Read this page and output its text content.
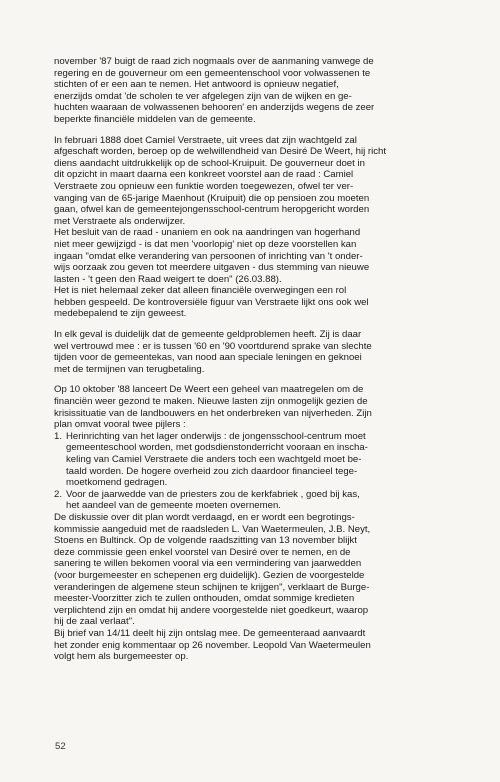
november '87 buigt de raad zich nogmaals over de aanmaning vanwege de
regering en de gouverneur om een gemeentenschool voor volwassenen te
stichten of er een aan te nemen. Het antwoord is opnieuw negatief,
enerzijds omdat 'de scholen te ver afgelegen zijn van de wijken en ge-
huchten waaraan de volwassenen behooren' en anderzijds wegens de zeer
beperkte financiële middelen van de gemeente.

In februari 1888 doet Camiel Verstraete, uit vrees dat zijn wachtgeld zal
afgeschaft worden, beroep op de welwillendheid van Desiré De Weert, hij richt
diens aandacht uitdrukkelijk op de school-Kruipuit. De gouverneur doet in
dit opzicht in maart daarna een konkreet voorstel aan de raad : Camiel
Verstraete zou opnieuw een funktie worden toegewezen, ofwel ter ver-
vanging van de 65-jarige Maenhout (Kruipuit) die op pensioen zou moeten
gaan, ofwel kan de gemeentejongensschool-centrum heropgericht worden
met Verstraete als onderwijzer.

Het besluit van de raad - unaniem en ook na aandringen van hogerhand
niet meer gewijzigd - is dat men 'voorlopig' niet op deze voorstellen kan
ingaan "omdat elke verandering van persoonen of inrichting van 't onder-
wijs oorzaak zou geven tot meerdere uitgaven - dus stemming van nieuwe
lasten - 't geen den Raad weigert te doen" (26.03.88).

Het is niet helemaal zeker dat alleen financiële overwegingen een rol
hebben gespeeld. De kontroversiële figuur van Verstraete lijkt ons ook wel
medebepalend te zijn geweest.

In elk geval is duidelijk dat de gemeente geldproblemen heeft. Zij is daar
wel vertrouwd mee : er is tussen '60 en '90 voortdurend sprake van slechte
tijden voor de gemeentekas, van nood aan speciale leningen en geknoei
met de termijnen van terugbetaling.

Op 10 oktober '88 lanceert De Weert een geheel van maatregelen om de
financiën weer gezond te maken. Nieuwe lasten zijn onmogelijk gezien de
krisissituatie van de landbouwers en het onderbreken van nijverheden. Zijn
plan omvat vooral twee pijlers :

1. Herinrichting van het lager onderwijs : de jongensschool-centrum moet
gemeenteschool worden, met godsdienstonderricht vooraan en inscha-
keling van Camiel Verstraete die anders toch een wachtgeld moet be-
taald worden. De hogere overheid zou zich daardoor financieel tege-
moetkomend gedragen.
2. Voor de jaarwedde van de priesters zou de kerkfabriek , goed bij kas,
het aandeel van de gemeente moeten overnemen.

De diskussie over dit plan wordt verdaagd, en er wordt een begrotings-
kommissie aangeduid met de raadsleden L. Van Waetermeulen, J.B. Neyt,
Stoens en Bultinck. Op de volgende raadszitting van 13 november blijkt
deze commissie geen enkel voorstel van Desiré over te nemen, en de
sanering te willen bekomen vooral via een vermindering van jaarwedden
(voor burgemeester en schepenen erg duidelijk). Gezien de voorgestelde
veranderingen de algemene steun schijnen te krijgen", verklaart de Burge-
meester-Voorzitter zich te zullen onthouden, omdat sommige kredieten
verplichtend zijn en omdat hij andere voorgestelde niet goedkeurt, waarop
hij de zaal verlaat".

Bij brief van 14/11 deelt hij zijn ontslag mee. De gemeenteraad aanvaardt
het zonder enig kommentaar op 26 november. Leopold Van Waetermeulen
volgt hem als burgemeester op.

52
